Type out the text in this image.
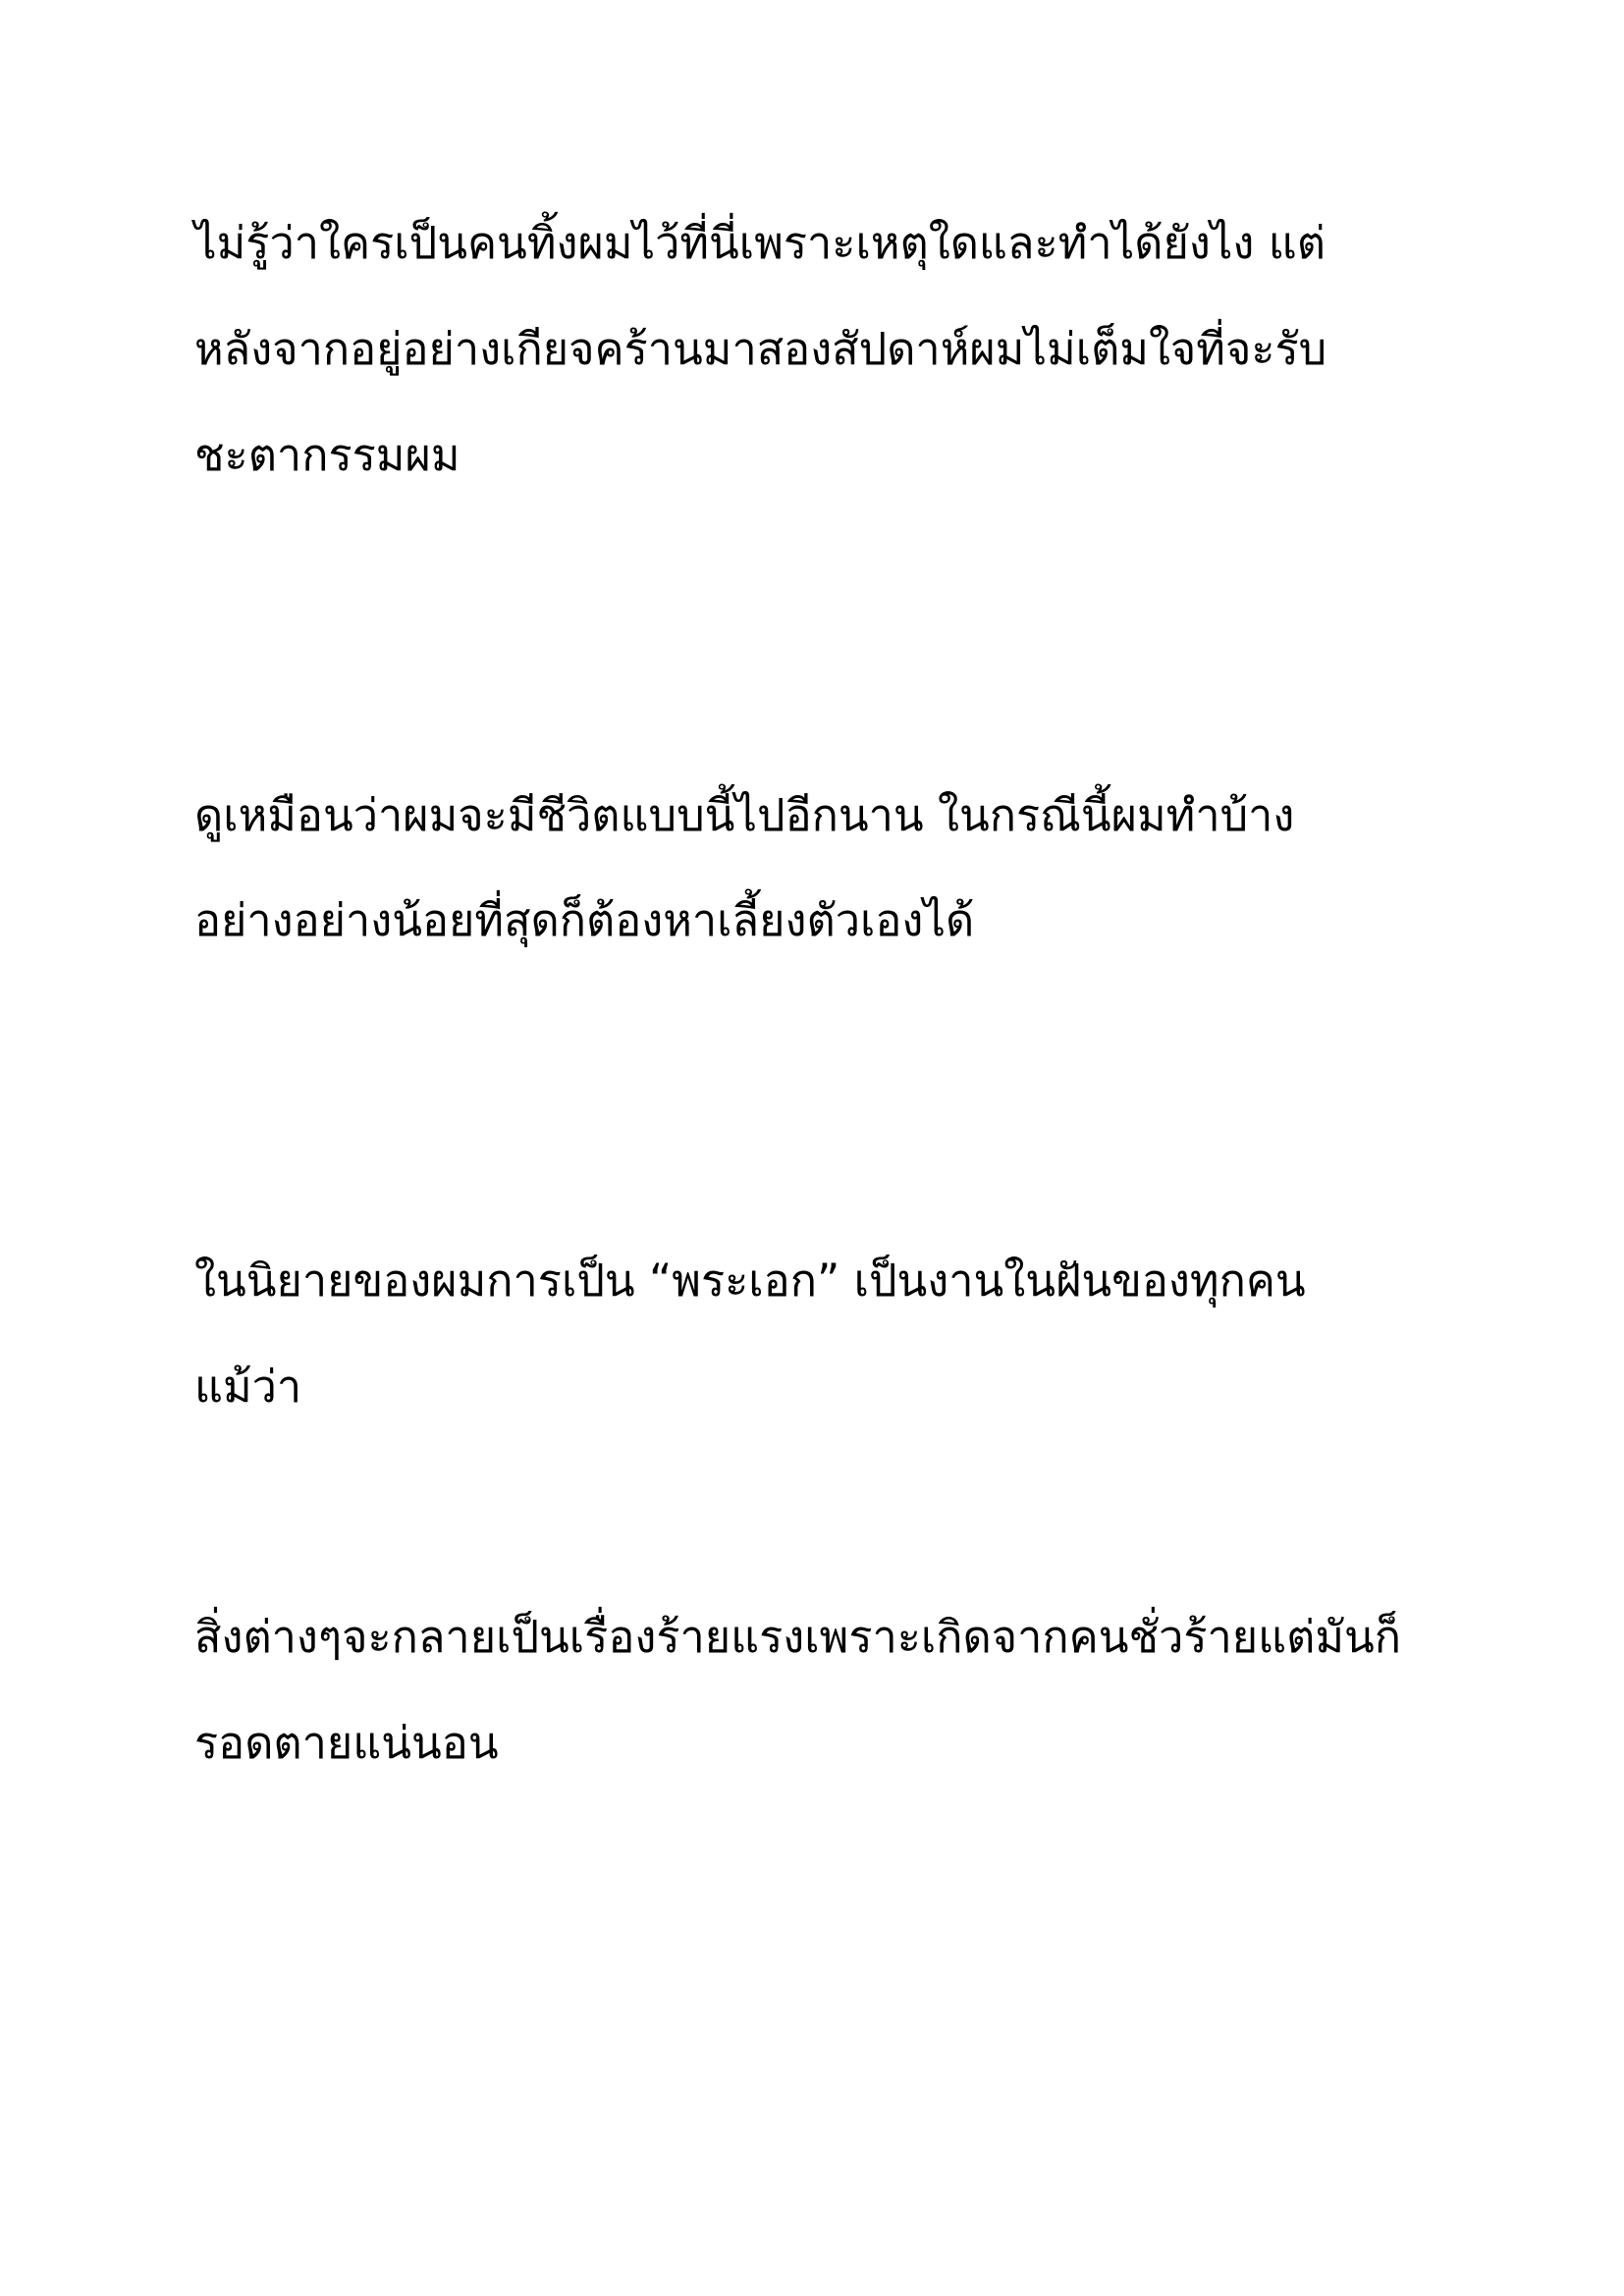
ไม่รู้ว่าใครเป็นคนทิ้งผมไว้ที่นี่เพราะเหตุใดและทำได้ยังไง แต่

หลังจากอยู่อย่างเกียจคร้านมาสองสัปดาห์ผมไม่เต็มใจที่จะรับ

ชะตากรรมผม

ดูเหมือนว่าผมจะมีชีวิตแบบนี้ไปอีกนาน ในกรณีนี้ผมทำบ้าง

อย่างอย่างน้อยที่สุดก็ต้องหาเลี้ยงตัวเองได้

ในนิยายของผมการเป็น “พระเอก” เป็นงานในฝันของทุกคน

แม้ว่า

สิ่งต่างๆจะกลายเป็นเรื่องร้ายแรงเพราะเกิดจากคนชั่วร้ายแต่มันก็

รอดตายแน่นอน
